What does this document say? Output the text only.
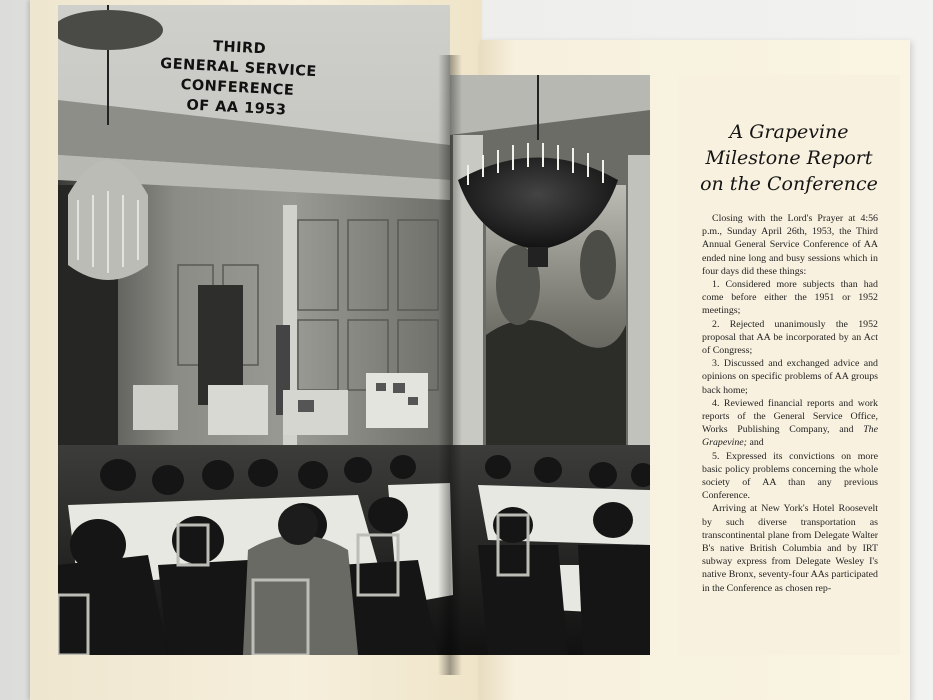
THIRD
GENERAL SERVICE CONFERENCE
OF AA 1953
A Grapevine
Milestone Report
on the Conference

Closing with the Lord's Prayer at 4:56 p.m., Sunday April 26th, 1953, the Third Annual General Service Conference of AA ended nine long and busy sessions which in four days did these things:

1. Considered more subjects than had come before either the 1951 or 1952 meetings;

2. Rejected unanimously the 1952 proposal that AA be incorporated by an Act of Congress;

3. Discussed and exchanged advice and opinions on specific problems of AA groups back home;

4. Reviewed financial reports and work reports of the General Service Office, Works Publishing Company, and The Grapevine; and

5. Expressed its convictions on more basic policy problems concerning the whole society of AA than any previous Conference.

Arriving at New York's Hotel Roosevelt by such diverse transportation as transcontinental plane from Delegate Walter B's native British Columbia and by IRT subway express from Delegate Wesley I's native Bronx, seventy-four AAs participated in the Conference as chosen rep-
